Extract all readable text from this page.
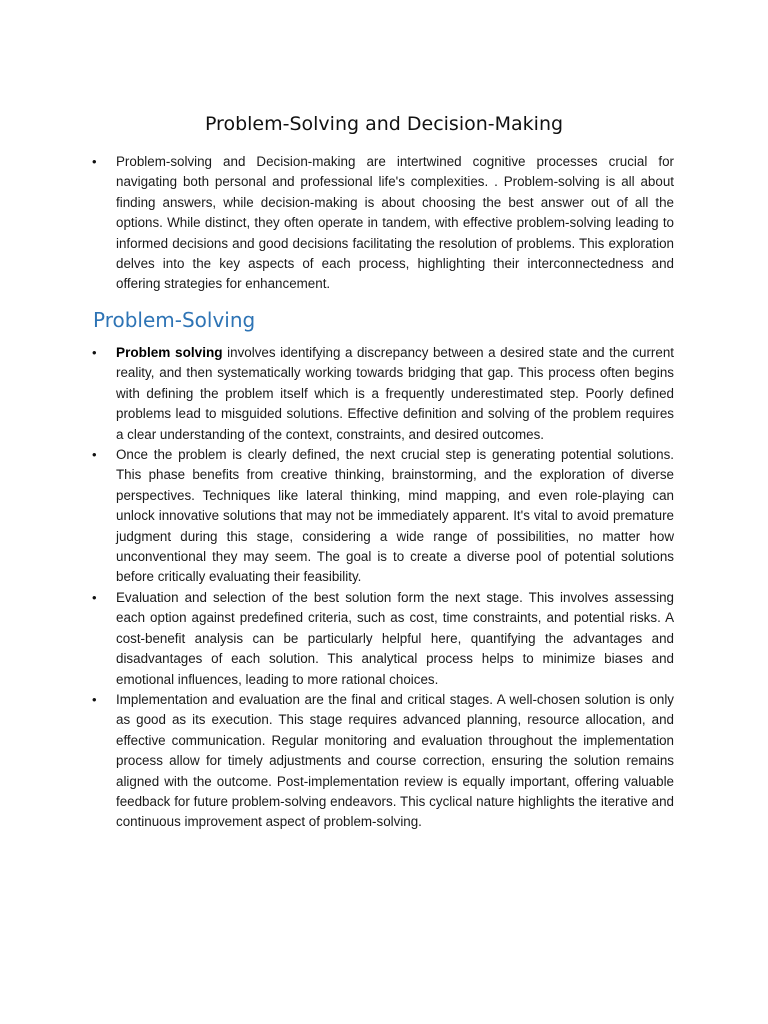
Problem-Solving and Decision-Making
• Problem-solving and Decision-making are intertwined cognitive processes crucial for navigating both personal and professional life's complexities. . Problem-solving is all about finding answers, while decision-making is about choosing the best answer out of all the options. While distinct, they often operate in tandem, with effective problem-solving leading to informed decisions and good decisions facilitating the resolution of problems. This exploration delves into the key aspects of each process, highlighting their interconnectedness and offering strategies for enhancement.
Problem-Solving
• Problem solving involves identifying a discrepancy between a desired state and the current reality, and then systematically working towards bridging that gap. This process often begins with defining the problem itself which is a frequently underestimated step. Poorly defined problems lead to misguided solutions. Effective definition and solving of the problem requires a clear understanding of the context, constraints, and desired outcomes.
• Once the problem is clearly defined, the next crucial step is generating potential solutions. This phase benefits from creative thinking, brainstorming, and the exploration of diverse perspectives. Techniques like lateral thinking, mind mapping, and even role-playing can unlock innovative solutions that may not be immediately apparent. It's vital to avoid premature judgment during this stage, considering a wide range of possibilities, no matter how unconventional they may seem. The goal is to create a diverse pool of potential solutions before critically evaluating their feasibility.
• Evaluation and selection of the best solution form the next stage. This involves assessing each option against predefined criteria, such as cost, time constraints, and potential risks. A cost-benefit analysis can be particularly helpful here, quantifying the advantages and disadvantages of each solution. This analytical process helps to minimize biases and emotional influences, leading to more rational choices.
• Implementation and evaluation are the final and critical stages. A well-chosen solution is only as good as its execution. This stage requires advanced planning, resource allocation, and effective communication. Regular monitoring and evaluation throughout the implementation process allow for timely adjustments and course correction, ensuring the solution remains aligned with the outcome. Post-implementation review is equally important, offering valuable feedback for future problem-solving endeavors. This cyclical nature highlights the iterative and continuous improvement aspect of problem-solving.
